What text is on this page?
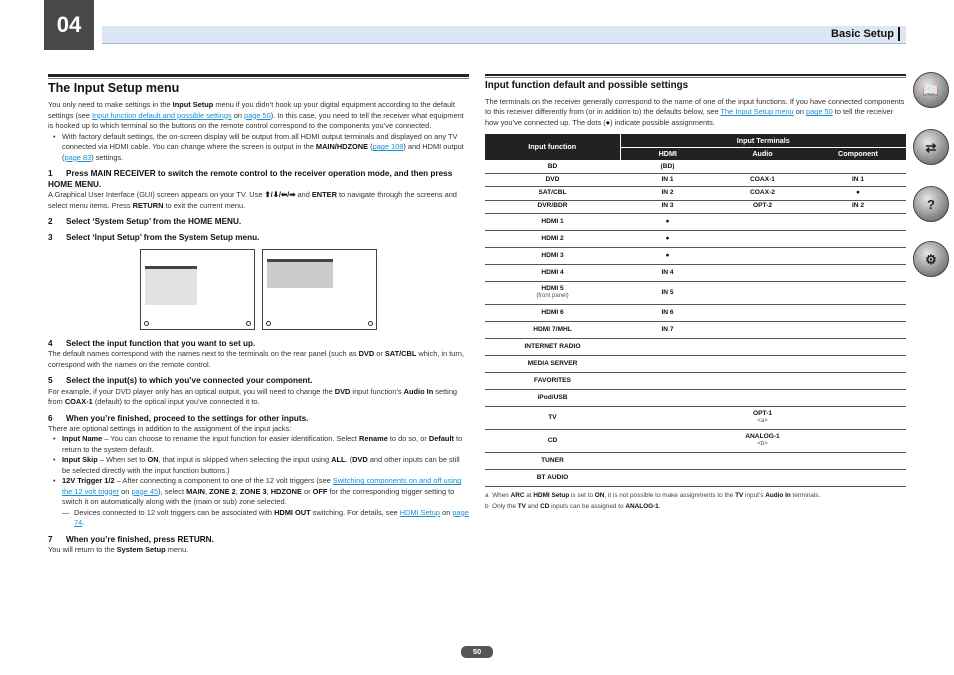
04	Basic Setup
The Input Setup menu

You only need to make settings in the Input Setup menu if you didn’t hook up your digital equipment according to the default settings (see Input function default and possible settings on page 50). In this case, you need to tell the receiver what equipment is hooked up to which terminal so the buttons on the remote control correspond to the components you’ve connected.

• With factory default settings, the on-screen display will be output from all HDMI output terminals and displayed on any TV connected via HDMI cable. You can change where the screen is output in the MAIN/HDZONE (page 108) and HDMI output (page 83) settings.

1 Press MAIN RECEIVER to switch the remote control to the receiver operation mode, and then press HOME MENU.

A Graphical User Interface (GUI) screen appears on your TV. Use ⬆/⬇/⬅/➡ and ENTER to navigate through the screens and select menu items. Press RETURN to exit the current menu.

2 Select ‘System Setup’ from the HOME MENU.
3 Select ‘Input Setup’ from the System Setup menu.
4 Select the input function that you want to set up.

The default names correspond with the names next to the terminals on the rear panel (such as DVD or SAT/CBL which, in turn, correspond with the names on the remote control.

5 Select the input(s) to which you’ve connected your component.

For example, if your DVD player only has an optical output, you will need to change the DVD input function’s Audio In setting from COAX-1 (default) to the optical input you’ve connected it to.

6 When you’re finished, proceed to the settings for other inputs.

There are optional settings in addition to the assignment of the input jacks:

• Input Name – You can choose to rename the input function for easier identification. Select Rename to do so, or Default to return to the system default.

• Input Skip – When set to ON, that input is skipped when selecting the input using ALL. (DVD and other inputs can be still be selected directly with the input function buttons.)

• 12V Trigger 1/2 – After connecting a component to one of the 12 volt triggers (see Switching components on and off using the 12 volt trigger on page 45), select MAIN, ZONE 2, ZONE 3, HDZONE or OFF for the corresponding trigger setting to switch it on automatically along with the (main or sub) zone selected.

— Devices connected to 12 volt triggers can be associated with HDMI OUT switching. For details, see HDMI Setup on page 74.

7 When you’re finished, press RETURN.

You will return to the System Setup menu.

Input function default and possible settings

The terminals on the receiver generally correspond to the name of one of the input functions. If you have connected components to this receiver differently from (or in addition to) the defaults below, see The Input Setup menu on page 50 to tell the receiver how you’ve connected up. The dots (●) indicate possible assignments.

Input function	Input Terminals		
	HDMI	Audio	Component
BD	(BD)		
DVD	IN 1	COAX-1	IN 1
SAT/CBL	IN 2	COAX-2	●
DVR/BDR	IN 3	OPT-2	IN 2
HDMI 1	●		
HDMI 2	●		
HDMI 3	●		
HDMI 4	IN 4		
HDMI 5
(front panel)	IN 5		
HDMI 6	IN 6		
HDMI 7/MHL	IN 7		
INTERNET RADIO			
MEDIA SERVER			
FAVORITES			
iPod/USB			
TV		OPT-1
<a>	

CD		ANALOG-1
<b>	

TUNER			
BT AUDIO			
a When ARC at HDMI Setup is set to ON, it is not possible to make assignments to the TV input’s Audio In terminals.
b Only the TV and CD inputs can be assigned to ANALOG-1.
📖
⇄
?
⚙
50
